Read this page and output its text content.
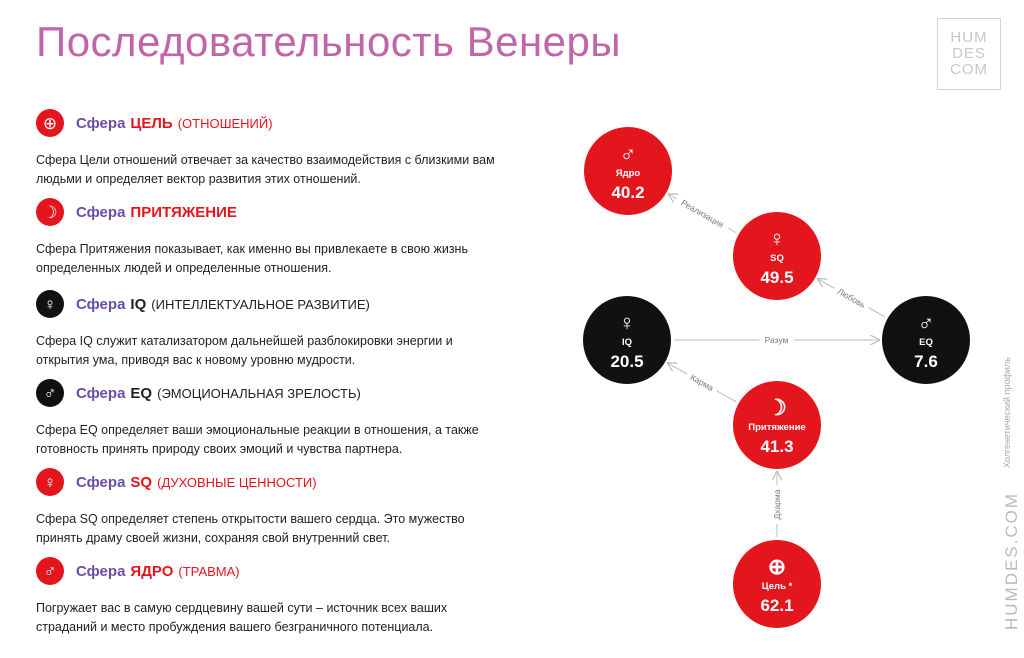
Последовательность Венеры	HUM
DES
COM
Холгенетический профиль
HUMDES.COM
⊕	Сфера ЦЕЛЬ (ОТНОШЕНИЙ)
Сфера Цели отношений отвечает за качество взаимодействия с близкими вам людьми и определяет вектор развития этих отношений.
☽	Сфера ПРИТЯЖЕНИЕ
Сфера Притяжения показывает, как именно вы привлекаете в свою жизнь определенных людей и определенные отношения.
♀	Сфера IQ (ИНТЕЛЛЕКТУАЛЬНОЕ РАЗВИТИЕ)
Сфера IQ служит катализатором дальнейшей разблокировки энергии и открытия ума, приводя вас к новому уровню мудрости.
♂	Сфера EQ (ЭМОЦИОНАЛЬНАЯ ЗРЕЛОСТЬ)
Сфера EQ определяет ваши эмоциональные реакции в отношения, а также готовность принять природу своих эмоций и чувства партнера.
♀	Сфера SQ (ДУХОВНЫЕ ЦЕННОСТИ)
Сфера SQ определяет степень открытости вашего сердца. Это мужество принять драму своей жизни, сохраняя свой внутренний свет.
♂	Сфера ЯДРО (ТРАВМА)
Погружает вас в самую сердцевину вашей сути – источник всех ваших страданий и место пробуждения вашего безграничного потенциала.
Дхарма
Карма
Разум
Любовь
Реализация
♂
Ядро
40.2
♀
SQ
49.5
♀
IQ
20.5
♂
EQ
7.6
☽
Притяжение
41.3
⊕
Цель *
62.1
